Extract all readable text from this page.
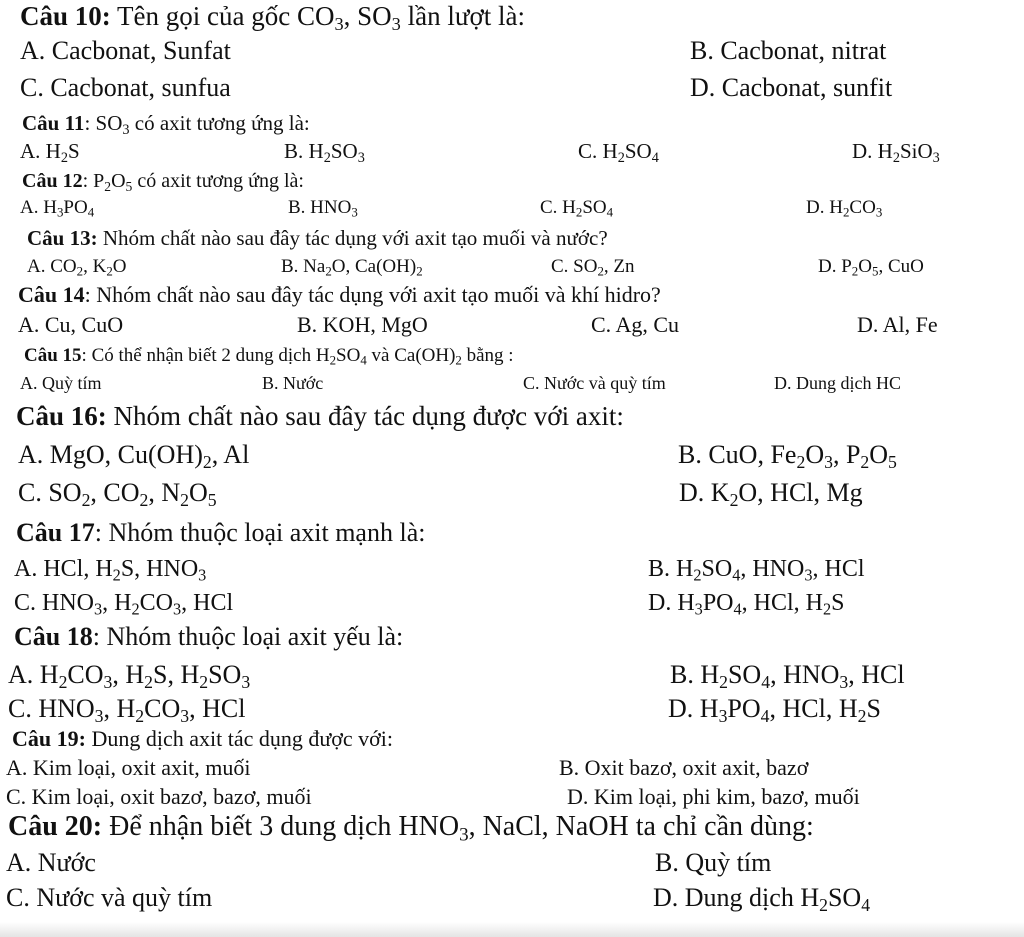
Câu 10: Tên gọi của gốc $CO_3$, $SO_3$ lần lượt là:
A. Cacbonat, Sunfat	B. Cacbonat, nitrat
C. Cacbonat, sunfua	D. Cacbonat, sunfit
Câu 11: $SO_3$ có axit tương ứng là:
A. $H_2S$	B. $H_2SO_3$	C. $H_2SO_4$	D. $H_2SiO_3$
Câu 12: $P_2O_5$ có axit tương ứng là:
A. $H_3PO_4$	B. $HNO_3$	C. $H_2SO_4$	D. $H_2CO_3$
Câu 13: Nhóm chất nào sau đây tác dụng với axit tạo muối và nước?
A. $CO_2$, $K_2O$	B. $Na_2O$, $Ca(OH)_2$	C. $SO_2$, Zn	D. $P_2O_5$, CuO
Câu 14: Nhóm chất nào sau đây tác dụng với axit tạo muối và khí hidro?
A. Cu, CuO	B. KOH, MgO	C. Ag, Cu	D. Al, Fe
Câu 15: Có thể nhận biết 2 dung dịch $H_2SO_4$ và $Ca(OH)_2$ bằng :
A. Quỳ tím	B. Nước	C. Nước và quỳ tím	D. Dung dịch HC
Câu 16: Nhóm chất nào sau đây tác dụng được với axit:
A. MgO, $Cu(OH)_2$, Al	B. CuO, $Fe_2O_3$, $P_2O_5$
C. $SO_2$, $CO_2$, $N_2O_5$	D. $K_2O$, HCl, Mg
Câu 17: Nhóm thuộc loại axit mạnh là:
A. HCl, $H_2S$, $HNO_3$	B. $H_2SO_4$, $HNO_3$, HCl
C. $HNO_3$, $H_2CO_3$, HCl	D. $H_3PO_4$, HCl, $H_2S$
Câu 18: Nhóm thuộc loại axit yếu là:
A. $H_2CO_3$, $H_2S$, $H_2SO_3$	B. $H_2SO_4$, $HNO_3$, HCl
C. $HNO_3$, $H_2CO_3$, HCl	D. $H_3PO_4$, HCl, $H_2S$
Câu 19: Dung dịch axit tác dụng được với:
A. Kim loại, oxit axit, muối	B. Oxit bazơ, oxit axit, bazơ
C. Kim loại, oxit bazơ, bazơ, muối	D. Kim loại, phi kim, bazơ, muối
Câu 20: Để nhận biết 3 dung dịch $HNO_3$, NaCl, NaOH ta chỉ cần dùng:
A. Nước	B. Quỳ tím
C. Nước và quỳ tím	D. Dung dịch $H_2SO_4$
